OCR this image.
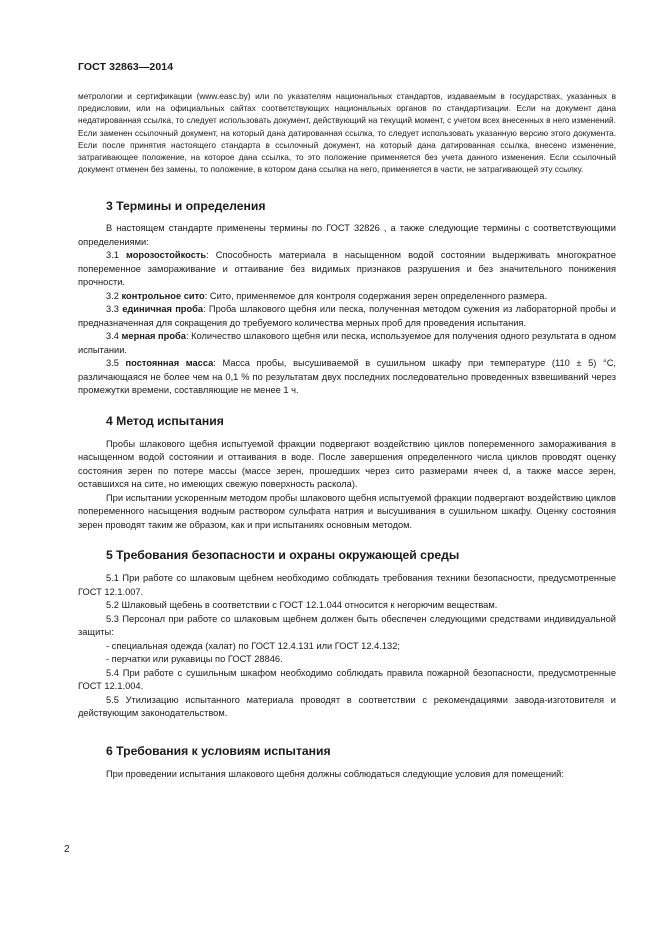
ГОСТ 32863—2014

метрологии и сертификации (www.easc.by) или по указателям национальных стандартов, издаваемым в государствах, указанных в предисловии, или на официальных сайтах соответствующих национальных органов по стандартизации. Если на документ дана недатированная ссылка, то следует использовать документ, действующий на текущий момент, с учетом всех внесенных в него изменений. Если заменен ссылочный документ, на который дана датированная ссылка, то следует использовать указанную версию этого документа. Если после принятия настоящего стандарта в ссылочный документ, на который дана датированная ссылка, внесено изменение, затрагивающее положение, на которое дана ссылка, то это положение применяется без учета данного изменения. Если ссылочный документ отменен без замены, то положение, в котором дана ссылка на него, применяется в части, не затрагивающей эту ссылку.

3 Термины и определения

В настоящем стандарте применены термины по ГОСТ 32826 , а также следующие термины с соответствующими определениями:

3.1 морозостойкость: Способность материала в насыщенном водой состоянии выдерживать многократное попеременное замораживание и оттаивание без видимых признаков разрушения и без значительного понижения прочности.

3.2 контрольное сито: Сито, применяемое для контроля содержания зерен определенного размера.

3.3 единичная проба: Проба шлакового щебня или песка, полученная методом сужения из лабораторной пробы и предназначенная для сокращения до требуемого количества мерных проб для проведения испытания.

3.4 мерная проба: Количество шлакового щебня или песка, используемое для получения одного результата в одном испытании.

3.5 постоянная масса: Масса пробы, высушиваемой в сушильном шкафу при температуре (110 ± 5) °С, различающаяся не более чем на 0,1 % по результатам двух последних последовательно проведенных взвешиваний через промежутки времени, составляющие не менее 1 ч.

4 Метод испытания

Пробы шлакового щебня испытуемой фракции подвергают воздействию циклов попеременного замораживания в насыщенном водой состоянии и оттаивания в воде. После завершения определенного числа циклов проводят оценку состояния зерен по потере массы (массе зерен, прошедших через сито размерами ячеек d, а также массе зерен, оставшихся на сите, но имеющих свежую поверхность раскола).

При испытании ускоренным методом пробы шлакового щебня испытуемой фракции подвергают воздействию циклов попеременного насыщения водным раствором сульфата натрия и высушивания в сушильном шкафу. Оценку состояния зерен проводят таким же образом, как и при испытаниях основным методом.

5 Требования безопасности и охраны окружающей среды

5.1 При работе со шлаковым щебнем необходимо соблюдать требования техники безопасности, предусмотренные ГОСТ 12.1.007.

5.2 Шлаковый щебень в соответствии с ГОСТ 12.1.044 относится к негорючим веществам.

5.3 Персонал при работе со шлаковым щебнем должен быть обеспечен следующими средствами индивидуальной защиты:

- специальная одежда (халат) по ГОСТ 12.4.131 или ГОСТ 12.4.132;

- перчатки или рукавицы по ГОСТ 28846.

5.4 При работе с сушильным шкафом необходимо соблюдать правила пожарной безопасности, предусмотренные ГОСТ 12.1.004.

5.5 Утилизацию испытанного материала проводят в соответствии с рекомендациями завода-изготовителя и действующим законодательством.

6 Требования к условиям испытания

При проведении испытания шлакового щебня должны соблюдаться следующие условия для помещений:

2
